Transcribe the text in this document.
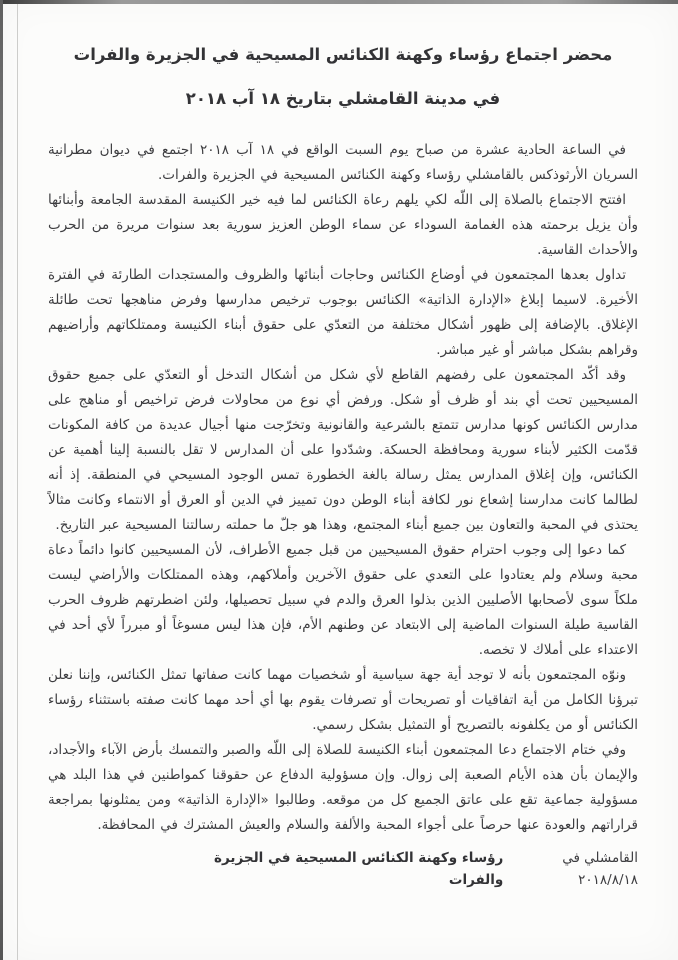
محضر اجتماع رؤساء وكهنة الكنائس المسيحية في الجزيرة والفرات
في مدينة القامشلي بتاريخ ١٨ آب ٢٠١٨

في الساعة الحادية عشرة من صباح يوم السبت الواقع في ١٨ آب ٢٠١٨ اجتمع في ديوان مطرانية السريان الأرثوذكس بالقامشلي رؤساء وكهنة الكنائس المسيحية في الجزيرة والفرات.

افتتح الاجتماع بالصلاة إلى اللّه لكي يلهم رعاة الكنائس لما فيه خير الكنيسة المقدسة الجامعة وأبنائها وأن يزيل برحمته هذه الغمامة السوداء عن سماء الوطن العزيز سورية بعد سنوات مريرة من الحرب والأحداث القاسية.

تداول بعدها المجتمعون في أوضاع الكنائس وحاجات أبنائها والظروف والمستجدات الطارئة في الفترة الأخيرة. لاسيما إبلاغ «الإدارة الذاتية» الكنائس بوجوب ترخيص مدارسها وفرض مناهجها تحت طائلة الإغلاق. بالإضافة إلى ظهور أشكال مختلفة من التعدّي على حقوق أبناء الكنيسة وممتلكاتهم وأراضيهم وقراهم بشكل مباشر أو غير مباشر.

وقد أكّد المجتمعون على رفضهم القاطع لأي شكل من أشكال التدخل أو التعدّي على جميع حقوق المسيحيين تحت أي بند أو ظرف أو شكل. ورفض أي نوع من محاولات فرض تراخيص أو مناهج على مدارس الكنائس كونها مدارس تتمتع بالشرعية والقانونية وتخرّجت منها أجيال عديدة من كافة المكونات قدّمت الكثير لأبناء سورية ومحافظة الحسكة. وشدّدوا على أن المدارس لا تقل بالنسبة إلينا أهمية عن الكنائس، وإن إغلاق المدارس يمثل رسالة بالغة الخطورة تمس الوجود المسيحي في المنطقة. إذ أنه لطالما كانت مدارسنا إشعاع نور لكافة أبناء الوطن دون تمييز في الدين أو العرق أو الانتماء وكانت مثالاً يحتذى في المحبة والتعاون بين جميع أبناء المجتمع، وهذا هو جلّ ما حملته رسالتنا المسيحية عبر التاريخ.

كما دعوا إلى وجوب احترام حقوق المسيحيين من قبل جميع الأطراف، لأن المسيحيين كانوا دائماً دعاة محبة وسلام ولم يعتادوا على التعدي على حقوق الآخرين وأملاكهم، وهذه الممتلكات والأراضي ليست ملكاً سوى لأصحابها الأصليين الذين بذلوا العرق والدم في سبيل تحصيلها، ولئن اضطرتهم ظروف الحرب القاسية طيلة السنوات الماضية إلى الابتعاد عن وطنهم الأم، فإن هذا ليس مسوغاً أو مبرراً لأي أحد في الاعتداء على أملاك لا تخصه.

ونوّه المجتمعون بأنه لا توجد أية جهة سياسية أو شخصيات مهما كانت صفاتها تمثل الكنائس، وإننا نعلن تبرؤنا الكامل من أية اتفاقيات أو تصريحات أو تصرفات يقوم بها أي أحد مهما كانت صفته باستثناء رؤساء الكنائس أو من يكلفونه بالتصريح أو التمثيل بشكل رسمي.

وفي ختام الاجتماع دعا المجتمعون أبناء الكنيسة للصلاة إلى اللّه والصبر والتمسك بأرض الآباء والأجداد، والإيمان بأن هذه الأيام الصعبة إلى زوال. وإن مسؤولية الدفاع عن حقوقنا كمواطنين في هذا البلد هي مسؤولية جماعية تقع على عاتق الجميع كل من موقعه. وطالبوا «الإدارة الذاتية» ومن يمثلونها بمراجعة قراراتهم والعودة عنها حرصاً على أجواء المحبة والألفة والسلام والعيش المشترك في المحافظة.

القامشلي في ٢٠١٨/٨/١٨
رؤساء وكهنة الكنائس المسيحية في الجزيرة والفرات
